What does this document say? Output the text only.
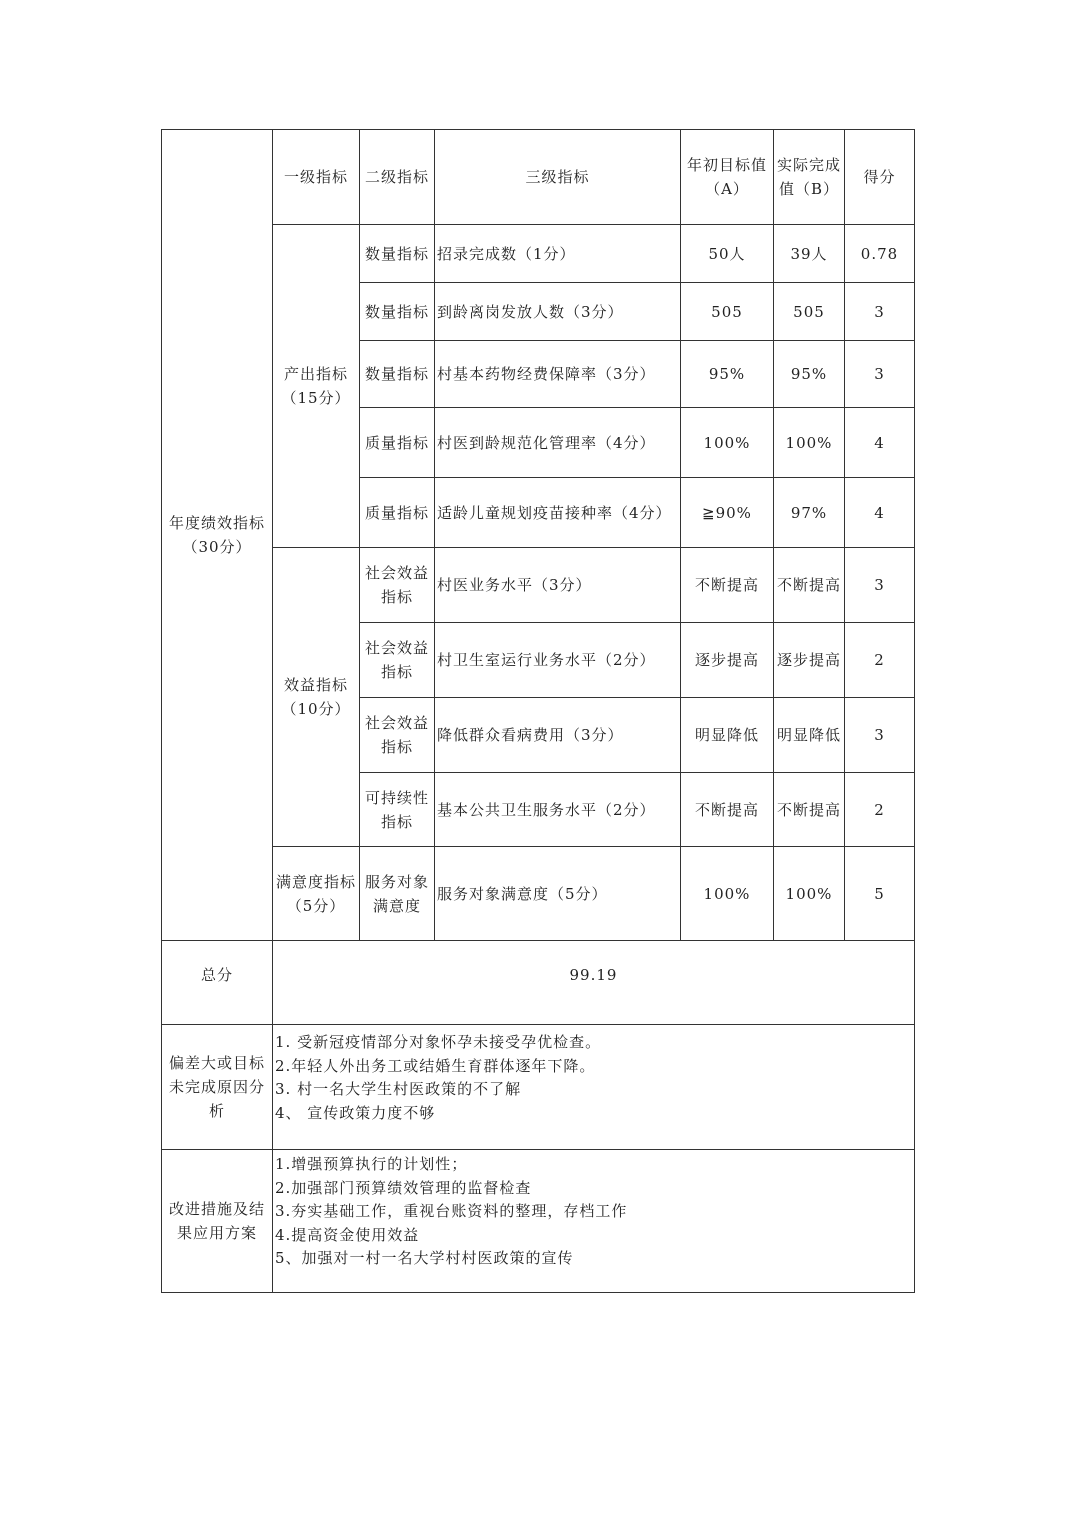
年度绩效指标（30分）	一级指标	二级指标	三级指标	年初目标值（A）	实际完成值（B）	得分
	产出指标（15分）	数量指标	招录完成数（1分）	50人	39人	0.78
		数量指标	到龄离岗发放人数（3分）	505	505	3
		数量指标	村基本药物经费保障率（3分）	95%	95%	3
		质量指标	村医到龄规范化管理率（4分）	100%	100%	4
		质量指标	适龄儿童规划疫苗接种率（4分）	≧90%	97%	4
	效益指标（10分）	社会效益指标	村医业务水平（3分）	不断提高	不断提高	3
		社会效益指标	村卫生室运行业务水平（2分）	逐步提高	逐步提高	2
		社会效益指标	降低群众看病费用（3分）	明显降低	明显降低	3
		可持续性指标	基本公共卫生服务水平（2分）	不断提高	不断提高	2
	满意度指标（5分）	服务对象满意度	服务对象满意度（5分）	100%	100%	5
总分	99.19					
偏差大或目标未完成原因分析	1. 受新冠疫情部分对象怀孕未接受孕优检查。
2.年轻人外出务工或结婚生育群体逐年下降。
3. 村一名大学生村医政策的不了解
4、 宣传政策力度不够					

改进措施及结果应用方案	1.增强预算执行的计划性；
2.加强部门预算绩效管理的监督检查
3.夯实基础工作，重视台账资料的整理，存档工作
4.提高资金使用效益
5、加强对一村一名大学村村医政策的宣传					
